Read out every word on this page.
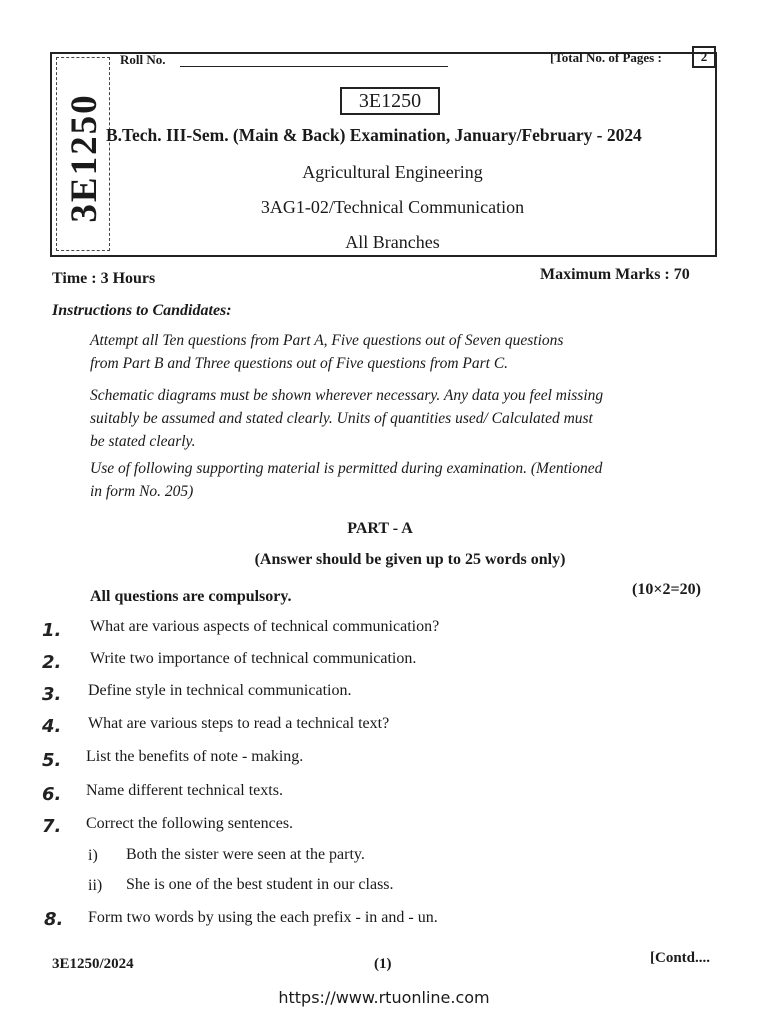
3E1250
Roll No.	[Total No. of Pages :	2
3E1250
B.Tech. III-Sem. (Main & Back) Examination, January/February - 2024
Agricultural Engineering
3AG1-02/Technical Communication
All Branches
Time : 3 Hours	Maximum Marks : 70
Instructions to Candidates:
Attempt all Ten questions from Part A, Five questions out of Seven questions
from Part B and Three questions out of Five questions from Part C.
Schematic diagrams must be shown wherever necessary. Any data you feel missing
suitably be assumed and stated clearly. Units of quantities used/ Calculated must
be stated clearly.
Use of following supporting material is permitted during examination. (Mentioned
in form No. 205)
PART - A
(Answer should be given up to 25 words only)
All questions are compulsory.	(10×2=20)
1. What are various aspects of technical communication?
2. Write two importance of technical communication.
3. Define style in technical communication.
4. What are various steps to read a technical text?
5. List the benefits of note - making.
6. Name different technical texts.
7. Correct the following sentences.
i) Both the sister were seen at the party.
ii) She is one of the best student in our class.
8. Form two words by using the each prefix - in and - un.
3E1250/2024	(1)	[Contd....
https://www.rtuonline.com
